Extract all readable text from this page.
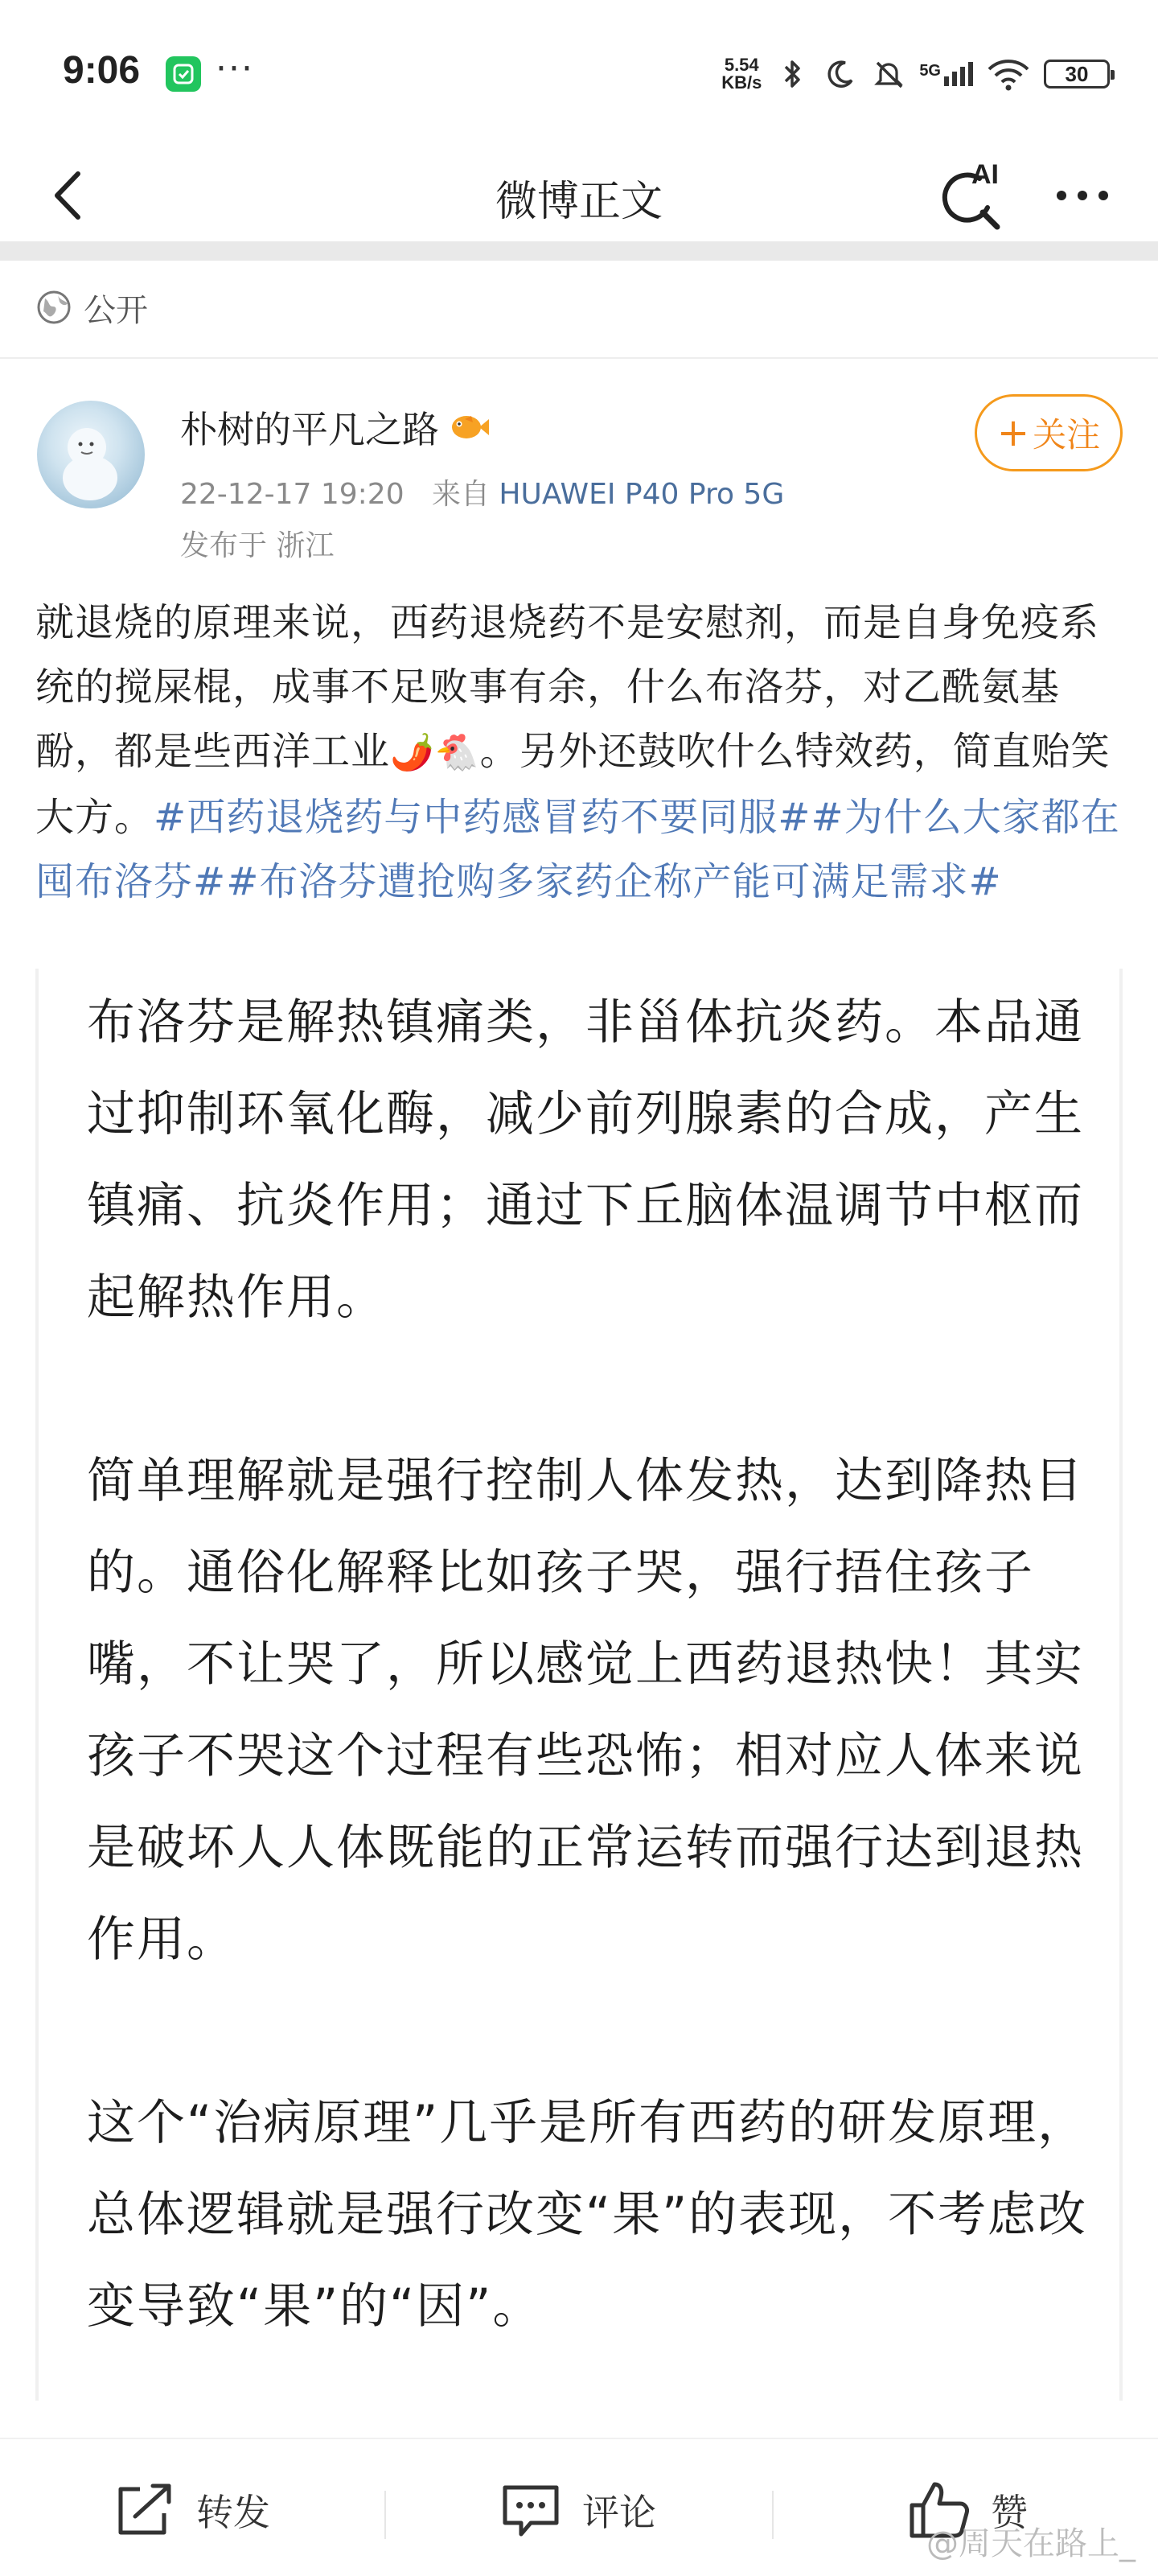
9:06 ···	5.54
KB/s
5G	30
微博正文
AI
公开
朴树的平凡之路
22-12-17 19:20 来自 HUAWEI P40 Pro 5G
发布于 浙江
+ 关注
就退烧的原理来说，西药退烧药不是安慰剂，而是自身免疫系统的搅屎棍，成事不足败事有余，什么布洛芬，对乙酰氨基酚，都是些西洋工业🌶️🐔。另外还鼓吹什么特效药，简直贻笑大方。#西药退烧药与中药感冒药不要同服##为什么大家都在囤布洛芬##布洛芬遭抢购多家药企称产能可满足需求#

布洛芬是解热镇痛类，非甾体抗炎药。本品通过抑制环氧化酶，减少前列腺素的合成，产生镇痛、抗炎作用；通过下丘脑体温调节中枢而起解热作用。

简单理解就是强行控制人体发热，达到降热目的。通俗化解释比如孩子哭，强行捂住孩子嘴，不让哭了，所以感觉上西药退热快！其实孩子不哭这个过程有些恐怖；相对应人体来说是破坏人人体既能的正常运转而强行达到退热作用。

这个“治病原理”几乎是所有西药的研发原理，总体逻辑就是强行改变“果”的表现，不考虑改变导致“果”的“因”。

转发	评论	赞
@周天在路上_
